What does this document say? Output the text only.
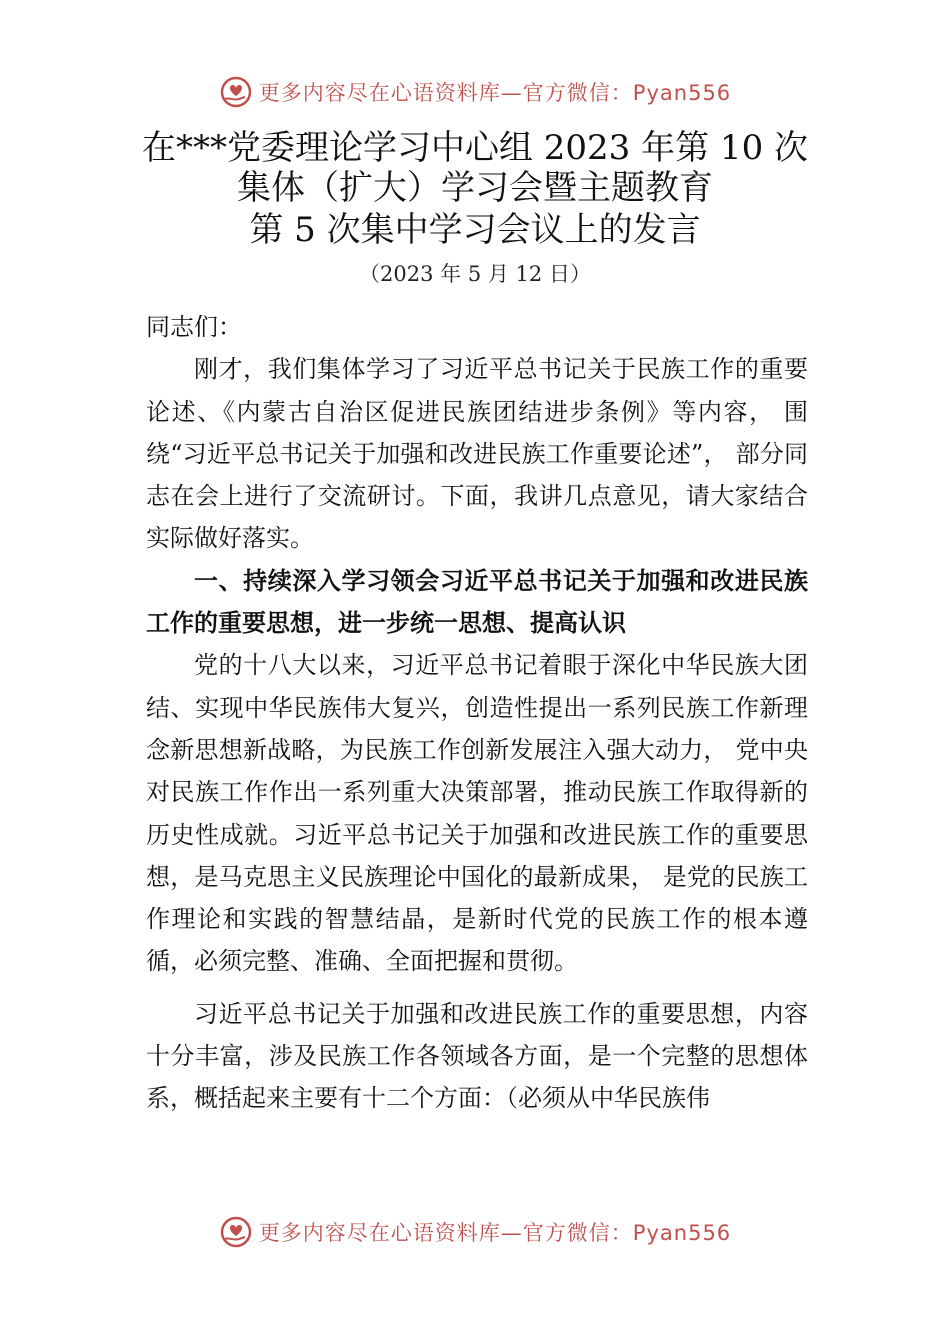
更多内容尽在心语资料库—官方微信：Pyan556
在***党委理论学习中心组 2023 年第 10 次
集体（扩大）学习会暨主题教育
第 5 次集中学习会议上的发言
（2023 年 5 月 12 日）

同志们：

刚才，我们集体学习了习近平总书记关于民族工作的重要论述、《内蒙古自治区促进民族团结进步条例》等内容， 围绕“习近平总书记关于加强和改进民族工作重要论述”， 部分同志在会上进行了交流研讨。下面，我讲几点意见，请大家结合实际做好落实。

一、持续深入学习领会习近平总书记关于加强和改进民族工作的重要思想，进一步统一思想、提高认识

党的十八大以来，习近平总书记着眼于深化中华民族大团结、实现中华民族伟大复兴，创造性提出一系列民族工作新理念新思想新战略，为民族工作创新发展注入强大动力， 党中央对民族工作作出一系列重大决策部署，推动民族工作取得新的历史性成就。习近平总书记关于加强和改进民族工作的重要思想，是马克思主义民族理论中国化的最新成果， 是党的民族工作理论和实践的智慧结晶，是新时代党的民族工作的根本遵循，必须完整、准确、全面把握和贯彻。

习近平总书记关于加强和改进民族工作的重要思想，内容十分丰富，涉及民族工作各领域各方面，是一个完整的思想体系，概括起来主要有十二个方面：（必须从中华民族伟

更多内容尽在心语资料库—官方微信：Pyan556
